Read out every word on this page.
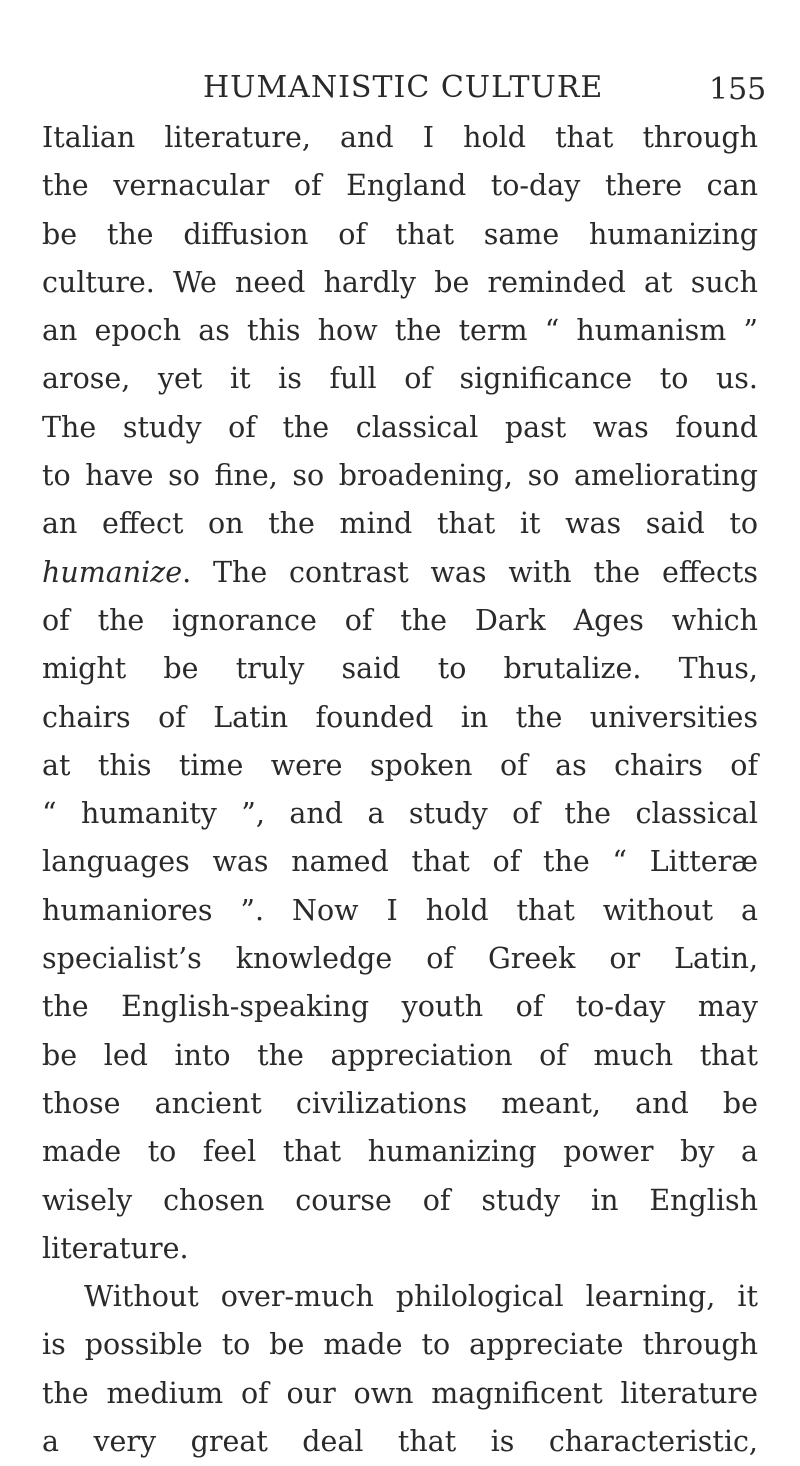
HUMANISTIC CULTURE	155
Italian literature, and I hold that through
the vernacular of England to-day there can
be the diffusion of that same humanizing
culture. We need hardly be reminded at such
an epoch as this how the term “ humanism ”
arose, yet it is full of significance to us.
The study of the classical past was found
to have so fine, so broadening, so ameliorating
an effect on the mind that it was said to
humanize. The contrast was with the effects
of the ignorance of the Dark Ages which
might be truly said to brutalize. Thus,
chairs of Latin founded in the universities
at this time were spoken of as chairs of
“ humanity ”, and a study of the classical
languages was named that of the “ Litteræ
humaniores ”. Now I hold that without a
specialist’s knowledge of Greek or Latin,
the English-speaking youth of to-day may
be led into the appreciation of much that
those ancient civilizations meant, and be
made to feel that humanizing power by a
wisely chosen course of study in English
literature.
Without over-much philological learning, it
is possible to be made to appreciate through
the medium of our own magnificent literature
a very great deal that is characteristic,
